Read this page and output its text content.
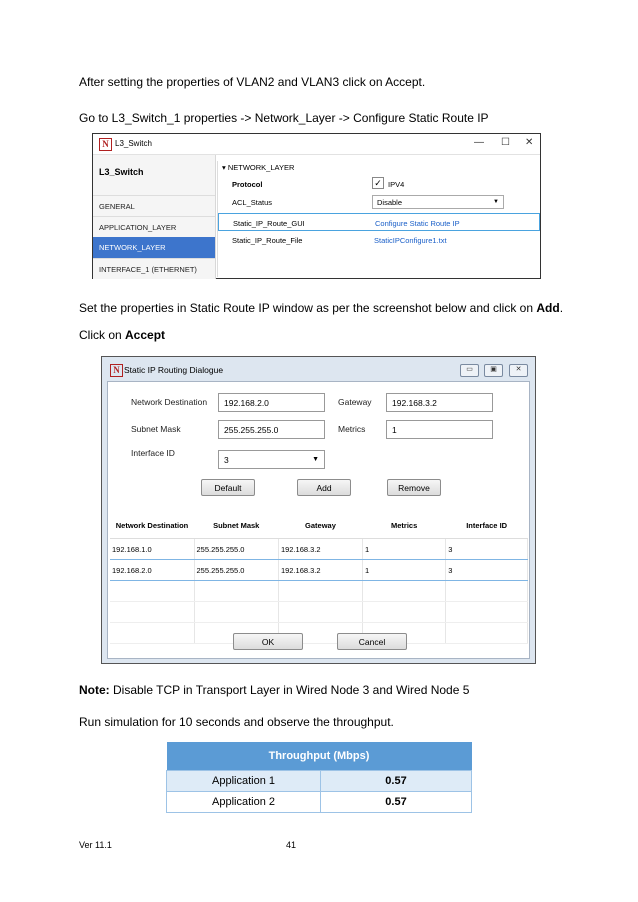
After setting the properties of VLAN2 and VLAN3 click on Accept.
Go to L3_Switch_1 properties -> Network_Layer -> Configure Static Route IP
N L3_Switch	— ☐ ✕
L3_Switch
GENERAL
APPLICATION_LAYER
NETWORK_LAYER
INTERFACE_1 (ETHERNET)
▾ NETWORK_LAYER
Protocol	✓ IPV4
ACL_Status	Disable	▼
Static_IP_Route_GUI	Configure Static Route IP
Static_IP_Route_File	StaticIPConfigure1.txt
Set the properties in Static Route IP window as per the screenshot below and click on Add.
Click on Accept
N Static IP Routing Dialogue	▭	▣	✕
Network Destination	192.168.2.0	Gateway	192.168.3.2
Subnet Mask	255.255.255.0	Metrics	1
Interface ID
3	▼
Default	Add	Remove
Network Destination	Subnet Mask	Gateway	Metrics	Interface ID
192.168.1.0	255.255.255.0	192.168.3.2	1	3
192.168.2.0	255.255.255.0	192.168.3.2	1	3

OK	Cancel
Note: Disable TCP in Transport Layer in Wired Node 3 and Wired Node 5
Run simulation for 10 seconds and observe the throughput.
Throughput (Mbps)	
Application 1	0.57
Application 2	0.57
Ver 11.1	41
